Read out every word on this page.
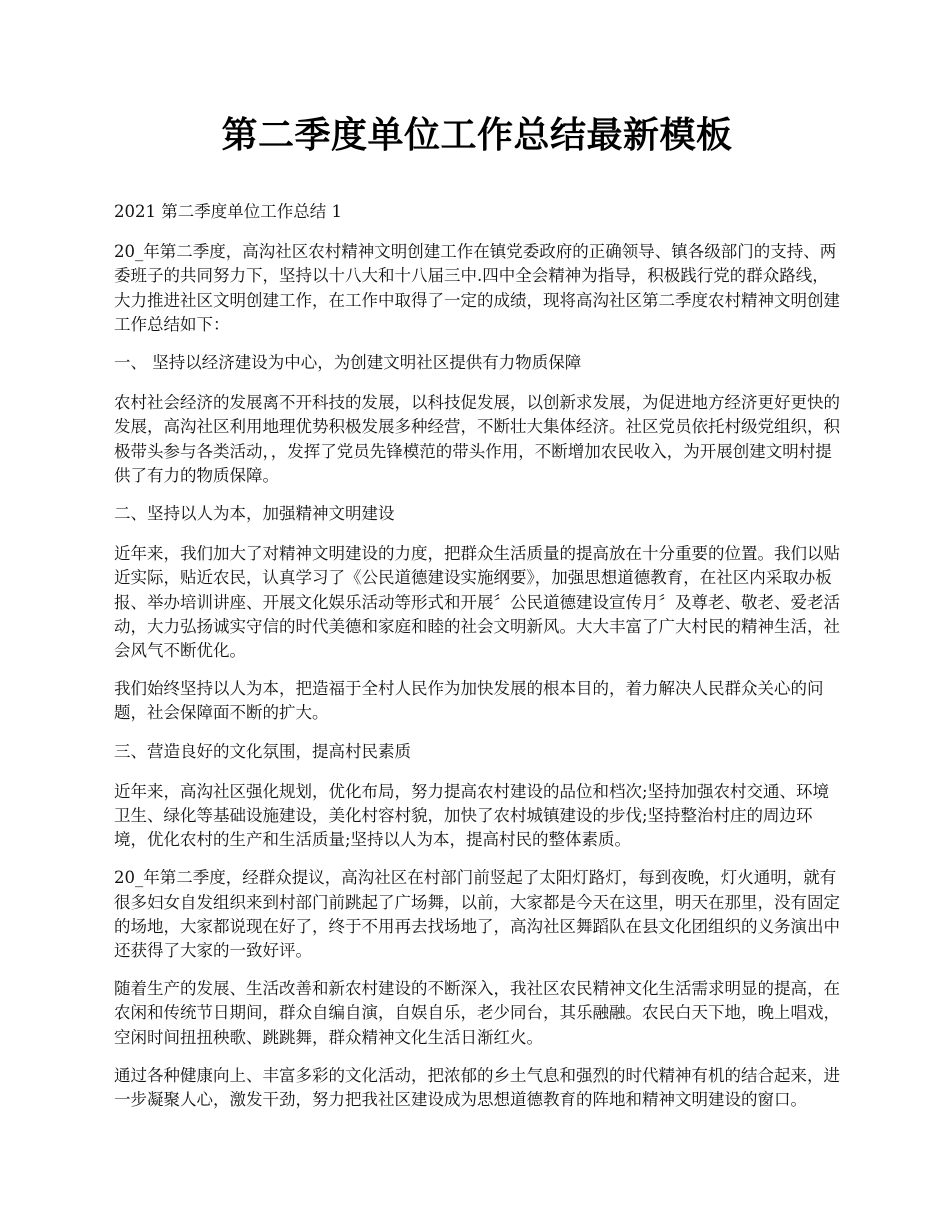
第二季度单位工作总结最新模板

2021 第二季度单位工作总结 1

20_年第二季度，高沟社区农村精神文明创建工作在镇党委政府的正确领导、镇各级部门的支持、两委班子的共同努力下，坚持以十八大和十八届三中.四中全会精神为指导，积极践行党的群众路线，大力推进社区文明创建工作，在工作中取得了一定的成绩，现将高沟社区第二季度农村精神文明创建工作总结如下：

一、 坚持以经济建设为中心，为创建文明社区提供有力物质保障

农村社会经济的发展离不开科技的发展，以科技促发展，以创新求发展，为促进地方经济更好更快的发展，高沟社区利用地理优势积极发展多种经营，不断壮大集体经济。社区党员依托村级党组织，积极带头参与各类活动，，发挥了党员先锋模范的带头作用，不断增加农民收入，为开展创建文明村提供了有力的物质保障。

二、坚持以人为本，加强精神文明建设

近年来，我们加大了对精神文明建设的力度，把群众生活质量的提高放在十分重要的位置。我们以贴近实际，贴近农民，认真学习了《公民道德建设实施纲要》，加强思想道德教育，在社区内采取办板报、举办培训讲座、开展文化娱乐活动等形式和开展〞公民道德建设宣传月〞及尊老、敬老、爱老活动，大力弘扬诚实守信的时代美德和家庭和睦的社会文明新风。大大丰富了广大村民的精神生活，社会风气不断优化。

我们始终坚持以人为本，把造福于全村人民作为加快发展的根本目的，着力解决人民群众关心的问题，社会保障面不断的扩大。

三、营造良好的文化氛围，提高村民素质

近年来，高沟社区强化规划，优化布局，努力提高农村建设的品位和档次;坚持加强农村交通、环境卫生、绿化等基础设施建设，美化村容村貌，加快了农村城镇建设的步伐;坚持整治村庄的周边环境，优化农村的生产和生活质量;坚持以人为本，提高村民的整体素质。

20_年第二季度，经群众提议，高沟社区在村部门前竖起了太阳灯路灯，每到夜晚，灯火通明，就有很多妇女自发组织来到村部门前跳起了广场舞，以前，大家都是今天在这里，明天在那里，没有固定的场地，大家都说现在好了，终于不用再去找场地了，高沟社区舞蹈队在县文化团组织的义务演出中还获得了大家的一致好评。

随着生产的发展、生活改善和新农村建设的不断深入，我社区农民精神文化生活需求明显的提高，在农闲和传统节日期间，群众自编自演，自娱自乐，老少同台，其乐融融。农民白天下地，晚上唱戏，空闲时间扭扭秧歌、跳跳舞，群众精神文化生活日渐红火。

通过各种健康向上、丰富多彩的文化活动，把浓郁的乡土气息和强烈的时代精神有机的结合起来，进一步凝聚人心，激发干劲，努力把我社区建设成为思想道德教育的阵地和精神文明建设的窗口。
